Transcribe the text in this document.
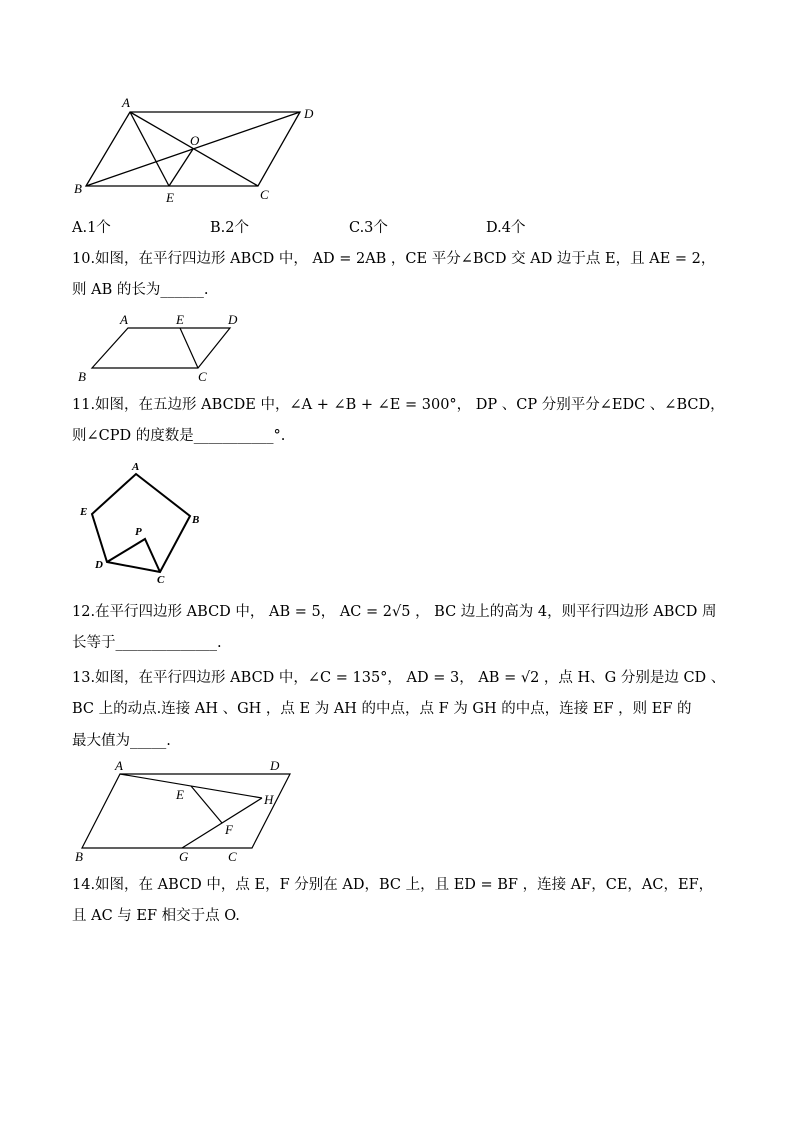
A
D
O
B	C
E
A.1个	B.2个	C.3个	D.4个
10.如图，在平行四边形 ABCD 中， AD = 2AB ，CE 平分∠BCD 交 AD 边于点 E，且 AE = 2，
则 AB 的长为______.
A	E	D
B	C
11.如图，在五边形 ABCDE 中，∠A + ∠B + ∠E = 300°， DP 、CP 分别平分∠EDC 、∠BCD，
则∠CPD 的度数是___________°.
A
E
B
P
D
C
12.在平行四边形 ABCD 中， AB = 5， AC = 2√5 ， BC 边上的高为 4，则平行四边形 ABCD 周
长等于______________.
13.如图，在平行四边形 ABCD 中，∠C = 135°， AD = 3， AB = √2 ，点 H、G 分别是边 CD 、
BC 上的动点.连接 AH 、GH ，点 E 为 AH 的中点，点 F 为 GH 的中点，连接 EF ，则 EF 的
最大值为_____.
A	D
E	H
F
B	G	C
14.如图，在 ABCD 中，点 E，F 分别在 AD，BC 上，且 ED = BF ，连接 AF，CE，AC，EF，
且 AC 与 EF 相交于点 O.
